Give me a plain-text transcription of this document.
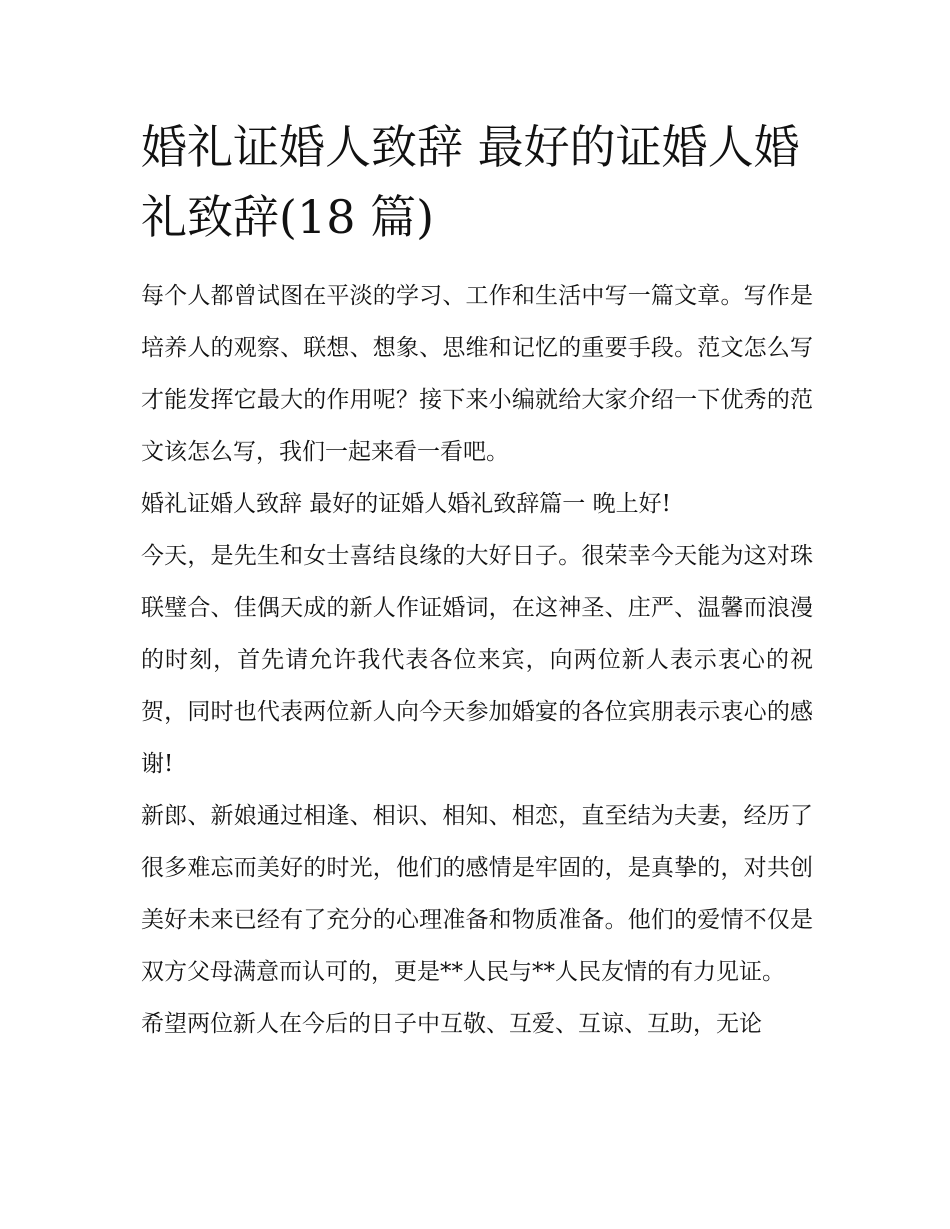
婚礼证婚人致辞 最好的证婚人婚礼致辞(18 篇)

每个人都曾试图在平淡的学习、工作和生活中写一篇文章。写作是培养人的观察、联想、想象、思维和记忆的重要手段。范文怎么写才能发挥它最大的作用呢？接下来小编就给大家介绍一下优秀的范文该怎么写，我们一起来看一看吧。

婚礼证婚人致辞 最好的证婚人婚礼致辞篇一 晚上好!

今天，是先生和女士喜结良缘的大好日子。很荣幸今天能为这对珠联璧合、佳偶天成的新人作证婚词，在这神圣、庄严、温馨而浪漫的时刻，首先请允许我代表各位来宾，向两位新人表示衷心的祝贺，同时也代表两位新人向今天参加婚宴的各位宾朋表示衷心的感谢!

新郎、新娘通过相逢、相识、相知、相恋，直至结为夫妻，经历了很多难忘而美好的时光，他们的感情是牢固的，是真挚的，对共创美好未来已经有了充分的心理准备和物质准备。他们的爱情不仅是双方父母满意而认可的，更是**人民与**人民友情的有力见证。

希望两位新人在今后的日子中互敬、互爱、互谅、互助，无论
